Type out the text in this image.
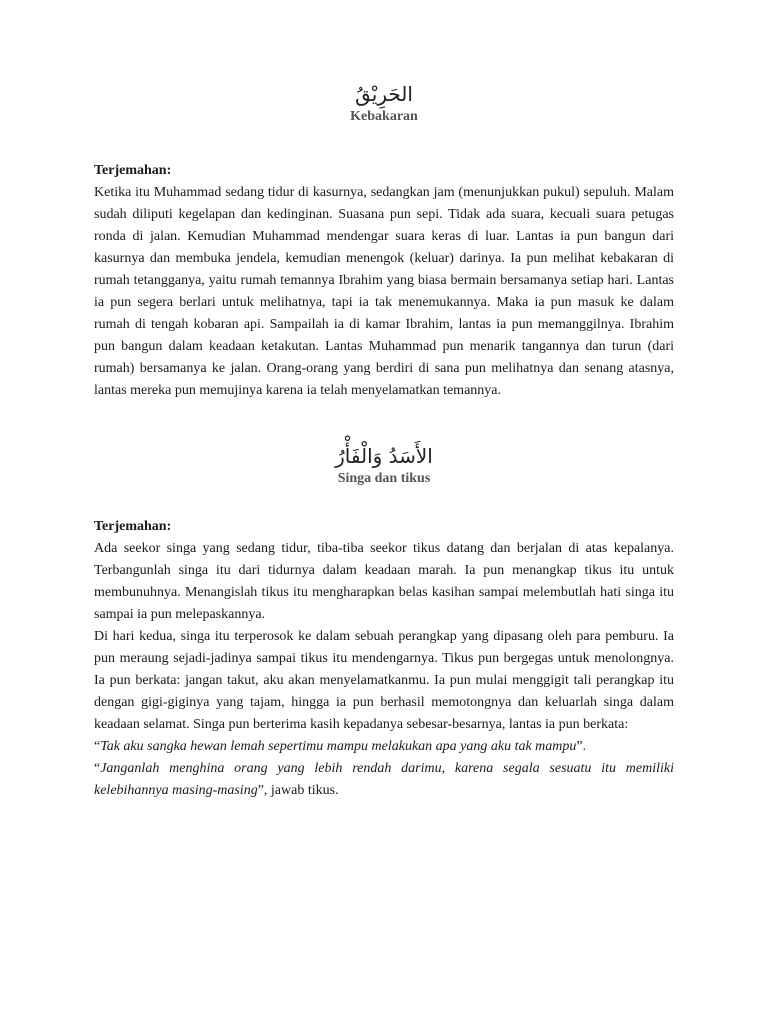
الحَرِيْقُ
Kebakaran

Terjemahan:

Ketika itu Muhammad sedang tidur di kasurnya, sedangkan jam (menunjukkan pukul) sepuluh. Malam sudah diliputi kegelapan dan kedinginan. Suasana pun sepi. Tidak ada suara, kecuali suara petugas ronda di jalan. Kemudian Muhammad mendengar suara keras di luar. Lantas ia pun bangun dari kasurnya dan membuka jendela, kemudian menengok (keluar) darinya. Ia pun melihat kebakaran di rumah tetangganya, yaitu rumah temannya Ibrahim yang biasa bermain bersamanya setiap hari. Lantas ia pun segera berlari untuk melihatnya, tapi ia tak menemukannya. Maka ia pun masuk ke dalam rumah di tengah kobaran api. Sampailah ia di kamar Ibrahim, lantas ia pun memanggilnya. Ibrahim pun bangun dalam keadaan ketakutan. Lantas Muhammad pun menarik tangannya dan turun (dari rumah) bersamanya ke jalan. Orang-orang yang berdiri di sana pun melihatnya dan senang atasnya, lantas mereka pun memujinya karena ia telah menyelamatkan temannya.

الأَسَدُ وَالْفَأْرُ
Singa dan tikus

Terjemahan:

Ada seekor singa yang sedang tidur, tiba-tiba seekor tikus datang dan berjalan di atas kepalanya. Terbangunlah singa itu dari tidurnya dalam keadaan marah. Ia pun menangkap tikus itu untuk membunuhnya. Menangislah tikus itu mengharapkan belas kasihan sampai melembutlah hati singa itu sampai ia pun melepaskannya.

Di hari kedua, singa itu terperosok ke dalam sebuah perangkap yang dipasang oleh para pemburu. Ia pun meraung sejadi-jadinya sampai tikus itu mendengarnya. Tikus pun bergegas untuk menolongnya. Ia pun berkata: jangan takut, aku akan menyelamatkanmu. Ia pun mulai menggigit tali perangkap itu dengan gigi-giginya yang tajam, hingga ia pun berhasil memotongnya dan keluarlah singa dalam keadaan selamat. Singa pun berterima kasih kepadanya sebesar-besarnya, lantas ia pun berkata:

“Tak aku sangka hewan lemah sepertimu mampu melakukan apa yang aku tak mampu”.

“Janganlah menghina orang yang lebih rendah darimu, karena segala sesuatu itu memiliki kelebihannya masing-masing”, jawab tikus.
